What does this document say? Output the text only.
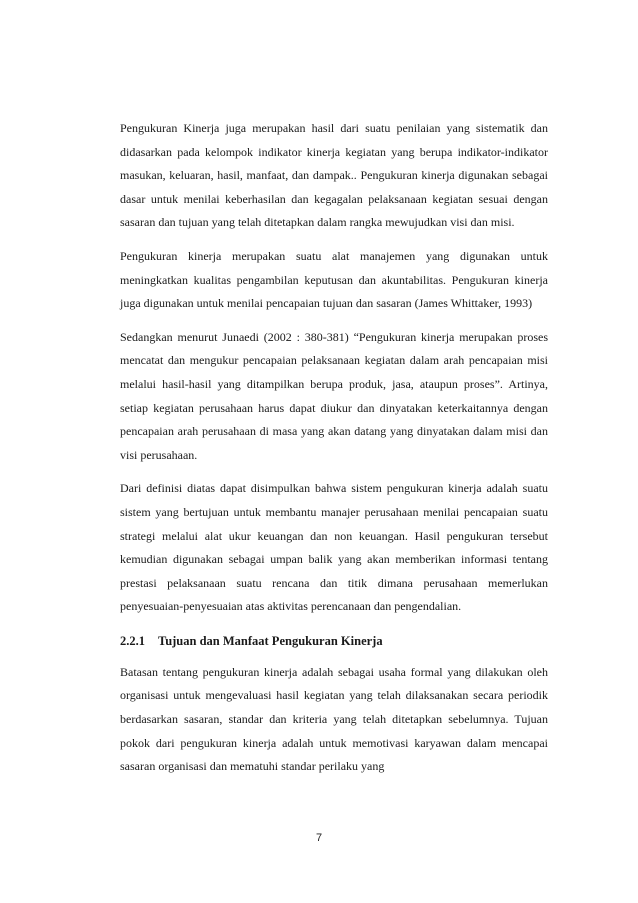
Pengukuran Kinerja juga merupakan hasil dari suatu penilaian yang sistematik dan didasarkan pada kelompok indikator kinerja kegiatan yang berupa indikator-indikator masukan, keluaran, hasil, manfaat, dan dampak.. Pengukuran kinerja digunakan sebagai dasar untuk menilai keberhasilan dan kegagalan pelaksanaan kegiatan sesuai dengan sasaran dan tujuan yang telah ditetapkan dalam rangka mewujudkan visi dan misi.

Pengukuran kinerja merupakan suatu alat manajemen yang digunakan untuk meningkatkan kualitas pengambilan keputusan dan akuntabilitas. Pengukuran kinerja juga digunakan untuk menilai pencapaian tujuan dan sasaran (James Whittaker, 1993)

Sedangkan menurut Junaedi (2002 : 380-381) “Pengukuran kinerja merupakan proses mencatat dan mengukur pencapaian pelaksanaan kegiatan dalam arah pencapaian misi melalui hasil-hasil yang ditampilkan berupa produk, jasa, ataupun proses”. Artinya, setiap kegiatan perusahaan harus dapat diukur dan dinyatakan keterkaitannya dengan pencapaian arah perusahaan di masa yang akan datang yang dinyatakan dalam misi dan visi perusahaan.

Dari definisi diatas dapat disimpulkan bahwa sistem pengukuran kinerja adalah suatu sistem yang bertujuan untuk membantu manajer perusahaan menilai pencapaian suatu strategi melalui alat ukur keuangan dan non keuangan. Hasil pengukuran tersebut kemudian digunakan sebagai umpan balik yang akan memberikan informasi tentang prestasi pelaksanaan suatu rencana dan titik dimana perusahaan memerlukan penyesuaian-penyesuaian atas aktivitas perencanaan dan pengendalian.

2.2.1 Tujuan dan Manfaat Pengukuran Kinerja

Batasan tentang pengukuran kinerja adalah sebagai usaha formal yang dilakukan oleh organisasi untuk mengevaluasi hasil kegiatan yang telah dilaksanakan secara periodik berdasarkan sasaran, standar dan kriteria yang telah ditetapkan sebelumnya. Tujuan pokok dari pengukuran kinerja adalah untuk memotivasi karyawan dalam mencapai sasaran organisasi dan mematuhi standar perilaku yang

7
